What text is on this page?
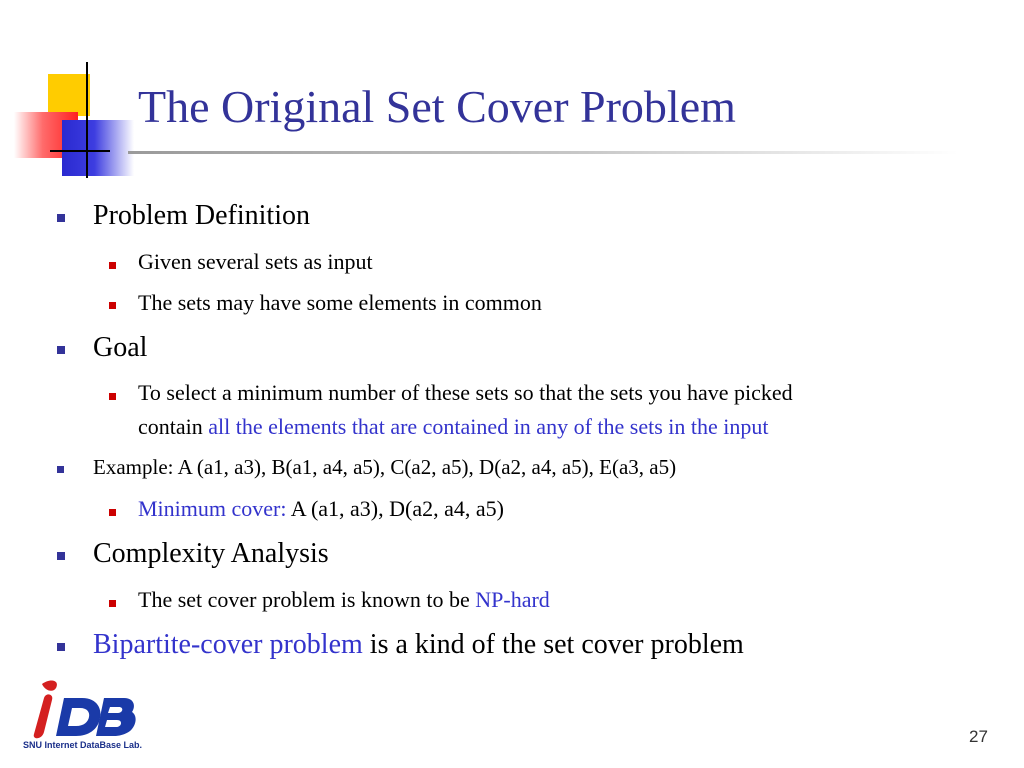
The Original Set Cover Problem
Problem Definition
Given several sets as input
The sets may have some elements in common
Goal
To select a minimum number of these sets so that the sets you have picked
contain all the elements that are contained in any of the sets in the input
Example: A (a1, a3), B(a1, a4, a5), C(a2, a5), D(a2, a4, a5), E(a3, a5)
Minimum cover: A (a1, a3), D(a2, a4, a5)
Complexity Analysis
The set cover problem is known to be NP-hard
Bipartite-cover problem is a kind of the set cover problem
SNU Internet DataBase Lab.	27
